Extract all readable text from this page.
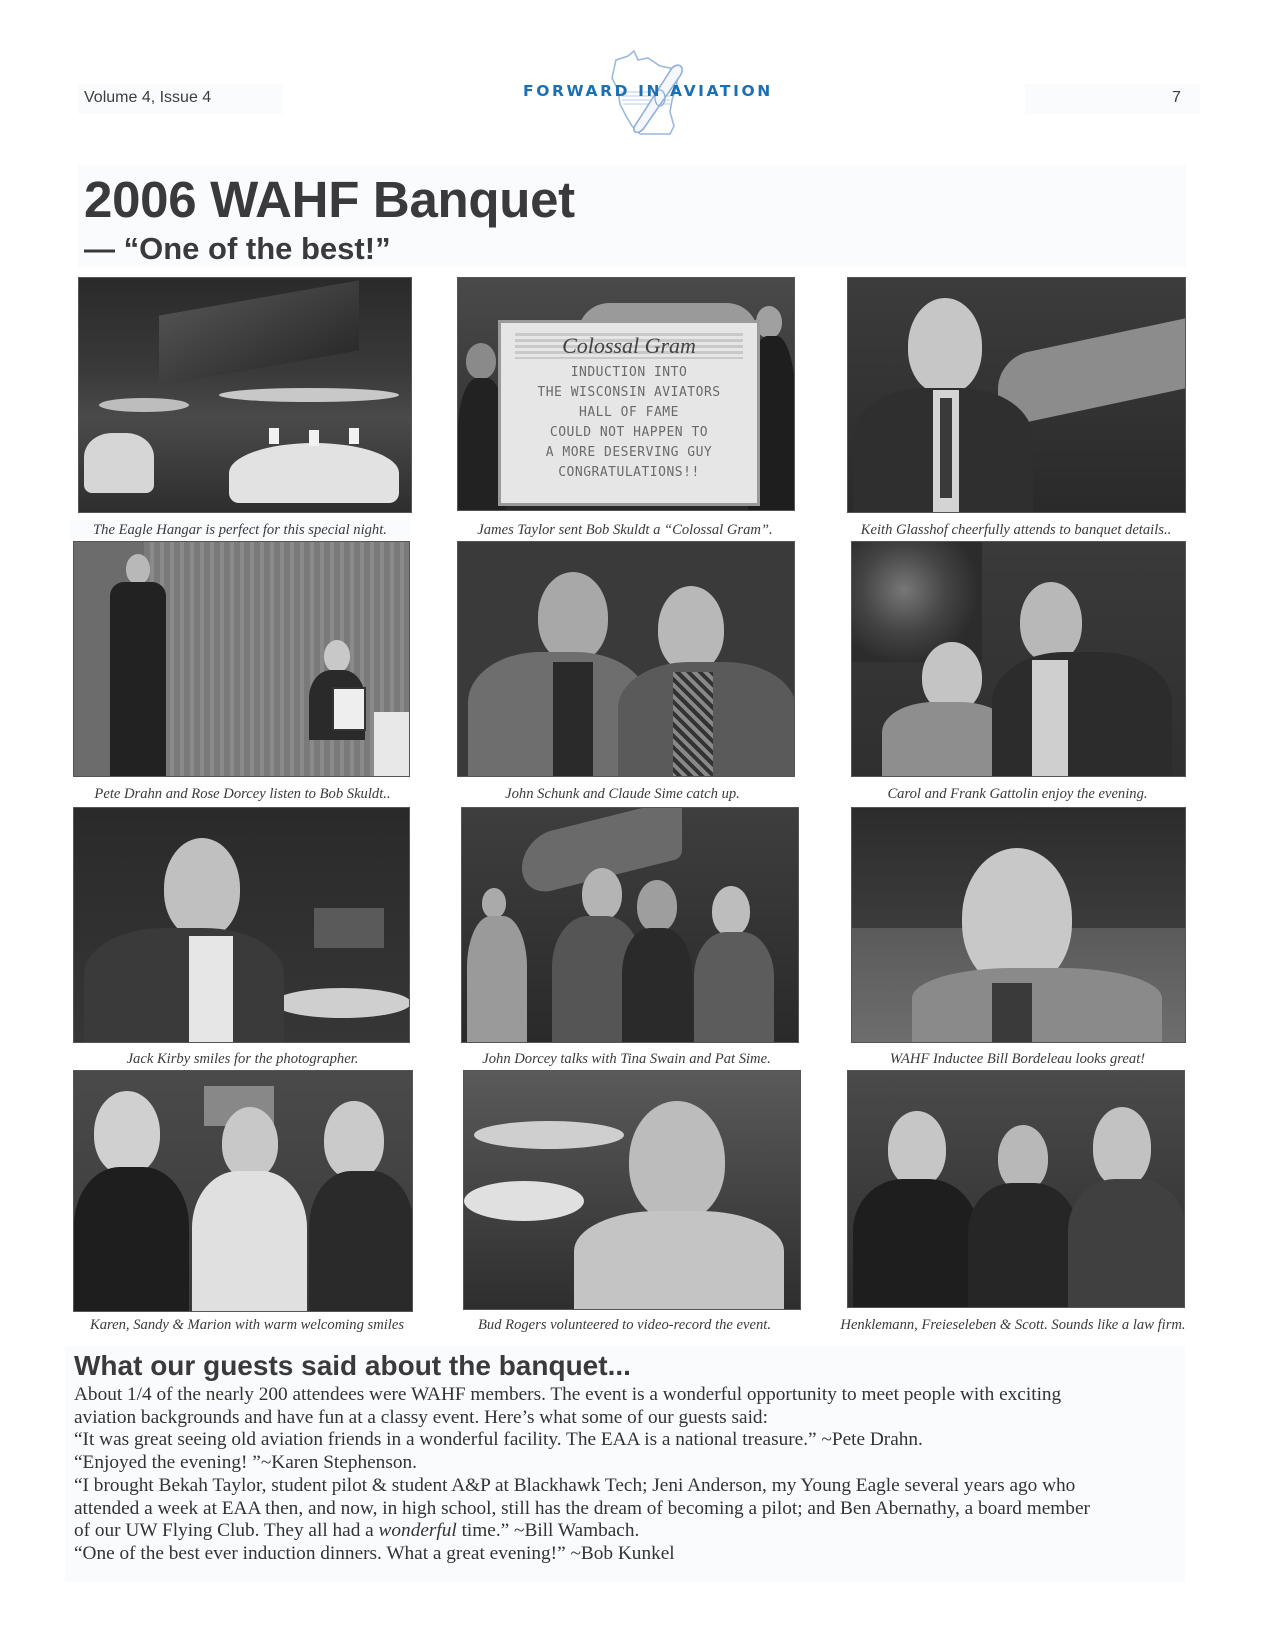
Volume 4, Issue 4	FORWARD IN AVIATION	7
2006 WAHF Banquet
— “One of the best!”
Colossal Gram
INDUCTION INTO
THE WISCONSIN AVIATORS
HALL OF FAME
COULD NOT HAPPEN TO
A MORE DESERVING GUY
CONGRATULATIONS!!
The Eagle Hangar is perfect for this special night.	James Taylor sent Bob Skuldt a “Colossal Gram”.	Keith Glasshof cheerfully attends to banquet details..
Pete Drahn and Rose Dorcey listen to Bob Skuldt..	John Schunk and Claude Sime catch up.	Carol and Frank Gattolin enjoy the evening.
Jack Kirby smiles for the photographer.	John Dorcey talks with Tina Swain and Pat Sime.	WAHF Inductee Bill Bordeleau looks great!
Karen, Sandy & Marion with warm welcoming smiles	Bud Rogers volunteered to video-record the event.	Henklemann, Freieseleben & Scott. Sounds like a law firm.
What our guests said about the banquet...

About 1/4 of the nearly 200 attendees were WAHF members. The event is a wonderful opportunity to meet people with exciting

aviation backgrounds and have fun at a classy event. Here’s what some of our guests said:

“It was great seeing old aviation friends in a wonderful facility. The EAA is a national treasure.” ~Pete Drahn.

“Enjoyed the evening! ”~Karen Stephenson.

“I brought Bekah Taylor, student pilot & student A&P at Blackhawk Tech; Jeni Anderson, my Young Eagle several years ago who

attended a week at EAA then, and now, in high school, still has the dream of becoming a pilot; and Ben Abernathy, a board member

of our UW Flying Club. They all had a wonderful time.” ~Bill Wambach.

“One of the best ever induction dinners. What a great evening!” ~Bob Kunkel
